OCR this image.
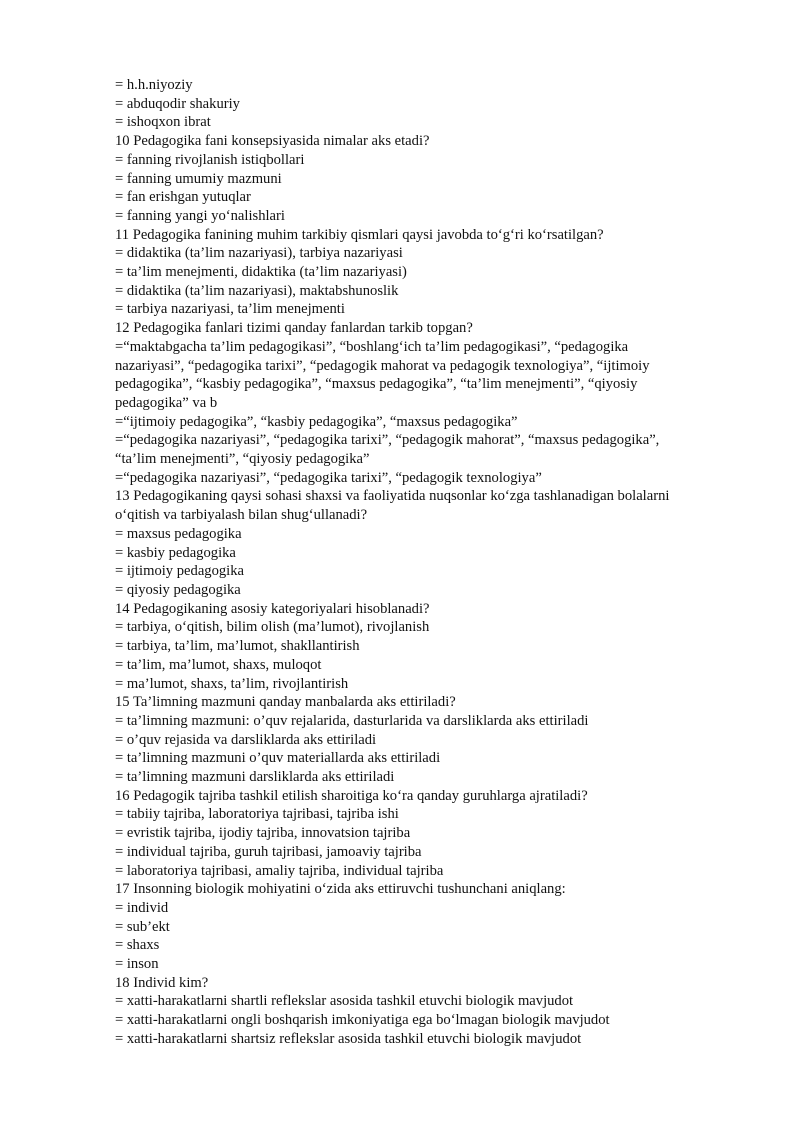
= h.h.niyoziy

= abduqodir shakuriy

= ishoqxon ibrat

10 Pedagogika fani konsepsiyasida nimalar aks etadi?

= fanning rivojlanish istiqbollari

= fanning umumiy mazmuni

= fan erishgan yutuqlar

= fanning yangi yo‘nalishlari

11 Pedagogika fanining muhim tarkibiy qismlari qaysi javobda to‘g‘ri ko‘rsatilgan?

= didaktika (ta’lim nazariyasi), tarbiya nazariyasi

= ta’lim menejmenti, didaktika (ta’lim nazariyasi)

= didaktika (ta’lim nazariyasi), maktabshunoslik

= tarbiya nazariyasi, ta’lim menejmenti

12 Pedagogika fanlari tizimi qanday fanlardan tarkib topgan?

=“maktabgacha ta’lim pedagogikasi”, “boshlang‘ich ta’lim pedagogikasi”, “pedagogika

nazariyasi”, “pedagogika tarixi”, “pedagogik mahorat va pedagogik texnologiya”, “ijtimoiy

pedagogika”, “kasbiy pedagogika”, “maxsus pedagogika”, “ta’lim menejmenti”, “qiyosiy

pedagogika” va b

=“ijtimoiy pedagogika”, “kasbiy pedagogika”, “maxsus pedagogika”

=“pedagogika nazariyasi”, “pedagogika tarixi”, “pedagogik mahorat”, “maxsus pedagogika”,

“ta’lim menejmenti”, “qiyosiy pedagogika”

=“pedagogika nazariyasi”, “pedagogika tarixi”, “pedagogik texnologiya”

13 Pedagogikaning qaysi sohasi shaxsi va faoliyatida nuqsonlar ko‘zga tashlanadigan bolalarni

o‘qitish va tarbiyalash bilan shug‘ullanadi?

= maxsus pedagogika

= kasbiy pedagogika

= ijtimoiy pedagogika

= qiyosiy pedagogika

14 Pedagogikaning asosiy kategoriyalari hisoblanadi?

= tarbiya, o‘qitish, bilim olish (ma’lumot), rivojlanish

= tarbiya, ta’lim, ma’lumot, shakllantirish

= ta’lim, ma’lumot, shaxs, muloqot

= ma’lumot, shaxs, ta’lim, rivojlantirish

15 Ta’limning mazmuni qanday manbalarda aks ettiriladi?

= ta’limning mazmuni: o’quv rejalarida, dasturlarida va darsliklarda aks ettiriladi

= o’quv rejasida va darsliklarda aks ettiriladi

= ta’limning mazmuni o’quv materiallarda aks ettiriladi

= ta’limning mazmuni darsliklarda aks ettiriladi

16 Pedagogik tajriba tashkil etilish sharoitiga ko‘ra qanday guruhlarga ajratiladi?

= tabiiy tajriba, laboratoriya tajribasi, tajriba ishi

= evristik tajriba, ijodiy tajriba, innovatsion tajriba

= individual tajriba, guruh tajribasi, jamoaviy tajriba

= laboratoriya tajribasi, amaliy tajriba, individual tajriba

17 Insonning biologik mohiyatini o‘zida aks ettiruvchi tushunchani aniqlang:

= individ

= sub’ekt

= shaxs

= inson

18 Individ kim?

= xatti-harakatlarni shartli reflekslar asosida tashkil etuvchi biologik mavjudot

= xatti-harakatlarni ongli boshqarish imkoniyatiga ega bo‘lmagan biologik mavjudot

= xatti-harakatlarni shartsiz reflekslar asosida tashkil etuvchi biologik mavjudot
